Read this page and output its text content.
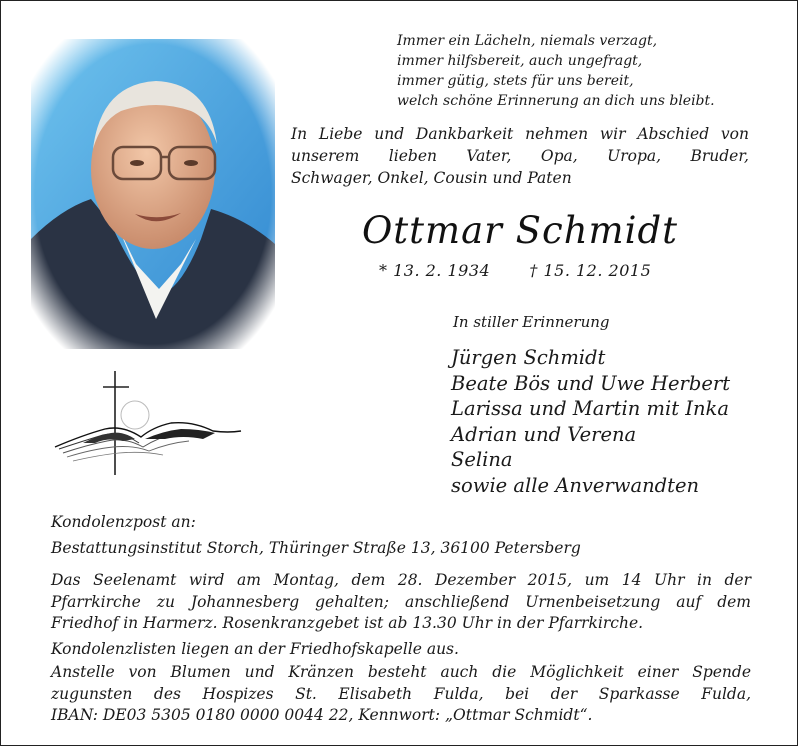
Immer ein Lächeln, niemals verzagt,
immer hilfsbereit, auch ungefragt,
immer gütig, stets für uns bereit,
welch schöne Erinnerung an dich uns bleibt.
In Liebe und Dankbarkeit nehmen wir Abschied von
unserem lieben Vater, Opa, Uropa, Bruder,
Schwager, Onkel, Cousin und Paten
Ottmar Schmidt
* 13. 2. 1934 † 15. 12. 2015
In stiller Erinnerung
Jürgen Schmidt
Beate Bös und Uwe Herbert
Larissa und Martin mit Inka
Adrian und Verena
Selina
sowie alle Anverwandten
Kondolenzpost an:
Bestattungsinstitut Storch, Thüringer Straße 13, 36100 Petersberg
Das Seelenamt wird am Montag, dem 28. Dezember 2015, um 14 Uhr in der
Pfarrkirche zu Johannesberg gehalten; anschließend Urnenbeisetzung auf dem
Friedhof in Harmerz. Rosenkranzgebet ist ab 13.30 Uhr in der Pfarrkirche.
Kondolenzlisten liegen an der Friedhofskapelle aus.
Anstelle von Blumen und Kränzen besteht auch die Möglichkeit einer Spende
zugunsten des Hospizes St. Elisabeth Fulda, bei der Sparkasse Fulda,
IBAN: DE03 5305 0180 0000 0044 22, Kennwort: „Ottmar Schmidt“.
